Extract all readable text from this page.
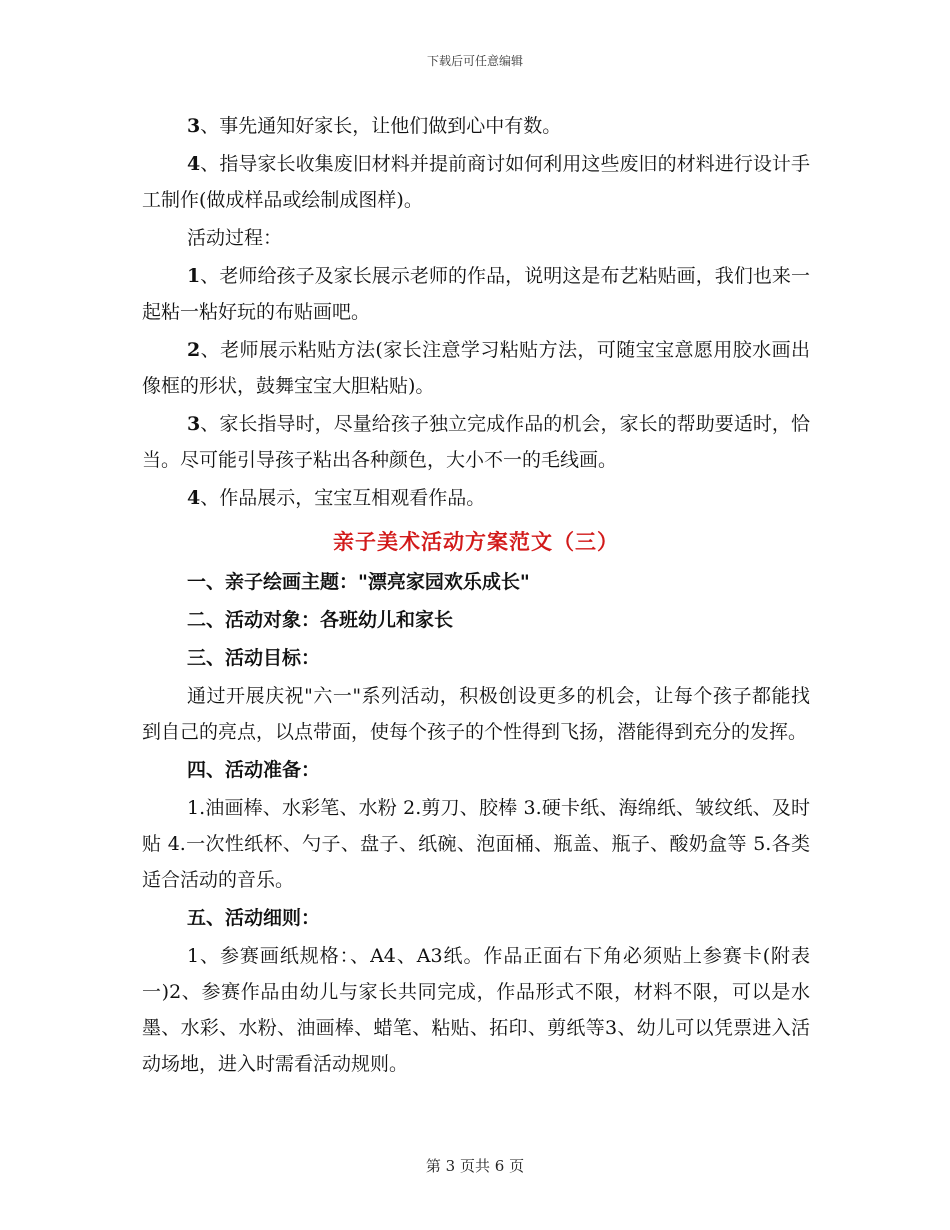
下载后可任意编辑

3、事先通知好家长，让他们做到心中有数。

4、指导家长收集废旧材料并提前商讨如何利用这些废旧的材料进行设计手工制作(做成样品或绘制成图样)。

活动过程：

1、老师给孩子及家长展示老师的作品，说明这是布艺粘贴画，我们也来一起粘一粘好玩的布贴画吧。

2、老师展示粘贴方法(家长注意学习粘贴方法，可随宝宝意愿用胶水画出像框的形状，鼓舞宝宝大胆粘贴)。

3、家长指导时，尽量给孩子独立完成作品的机会，家长的帮助要适时，恰当。尽可能引导孩子粘出各种颜色，大小不一的毛线画。

4、作品展示，宝宝互相观看作品。

亲子美术活动方案范文（三）

一、亲子绘画主题："漂亮家园欢乐成长"

二、活动对象：各班幼儿和家长

三、活动目标：

通过开展庆祝"六一"系列活动，积极创设更多的机会，让每个孩子都能找到自己的亮点，以点带面，使每个孩子的个性得到飞扬，潜能得到充分的发挥。

四、活动准备：

1.油画棒、水彩笔、水粉 2.剪刀、胶棒 3.硬卡纸、海绵纸、皱纹纸、及时贴 4.一次性纸杯、勺子、盘子、纸碗、泡面桶、瓶盖、瓶子、酸奶盒等 5.各类适合活动的音乐。

五、活动细则：

1、参赛画纸规格：、A4、A3纸。作品正面右下角必须贴上参赛卡(附表一)2、参赛作品由幼儿与家长共同完成，作品形式不限，材料不限，可以是水墨、水彩、水粉、油画棒、蜡笔、粘贴、拓印、剪纸等3、幼儿可以凭票进入活动场地，进入时需看活动规则。

第 3 页共 6 页
